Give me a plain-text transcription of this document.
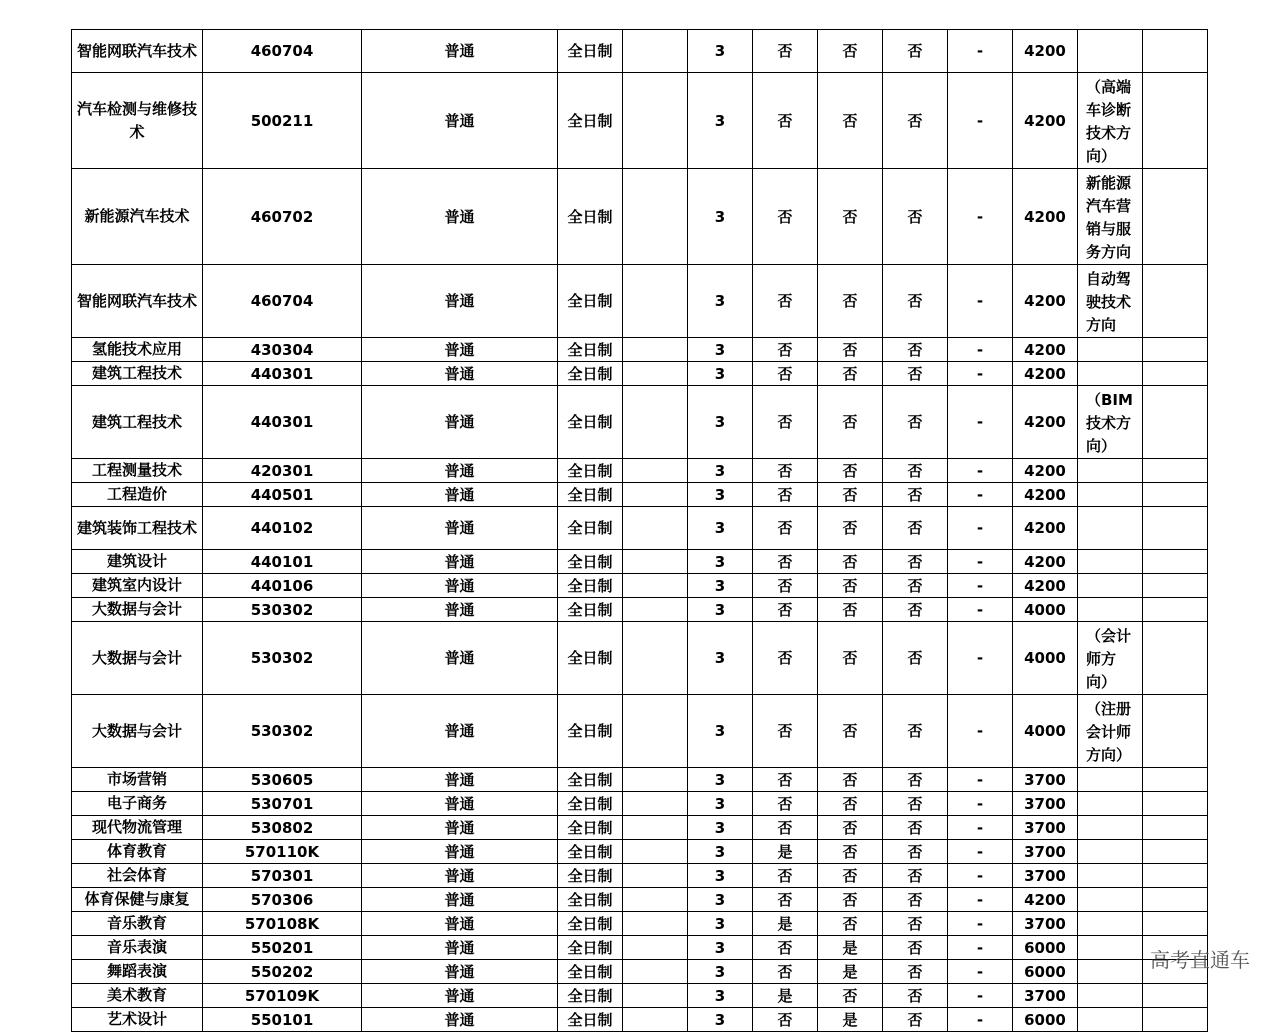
智能网联汽车技术	460704	普通	全日制		3	否	否	否	-	4200		
汽车检测与维修技术	500211	普通	全日制		3	否	否	否	-	4200	（高端车诊断技术方向）	
新能源汽车技术	460702	普通	全日制		3	否	否	否	-	4200	新能源汽车营销与服务方向	
智能网联汽车技术	460704	普通	全日制		3	否	否	否	-	4200	自动驾驶技术方向	
氢能技术应用	430304	普通	全日制		3	否	否	否	-	4200		
建筑工程技术	440301	普通	全日制		3	否	否	否	-	4200		
建筑工程技术	440301	普通	全日制		3	否	否	否	-	4200	（BIM技术方向）	
工程测量技术	420301	普通	全日制		3	否	否	否	-	4200		
工程造价	440501	普通	全日制		3	否	否	否	-	4200		
建筑装饰工程技术	440102	普通	全日制		3	否	否	否	-	4200		
建筑设计	440101	普通	全日制		3	否	否	否	-	4200		
建筑室内设计	440106	普通	全日制		3	否	否	否	-	4200		
大数据与会计	530302	普通	全日制		3	否	否	否	-	4000		
大数据与会计	530302	普通	全日制		3	否	否	否	-	4000	（会计师方向）	
大数据与会计	530302	普通	全日制		3	否	否	否	-	4000	（注册会计师方向）	
市场营销	530605	普通	全日制		3	否	否	否	-	3700		
电子商务	530701	普通	全日制		3	否	否	否	-	3700		
现代物流管理	530802	普通	全日制		3	否	否	否	-	3700		
体育教育	570110K	普通	全日制		3	是	否	否	-	3700		
社会体育	570301	普通	全日制		3	否	否	否	-	3700		
体育保健与康复	570306	普通	全日制		3	否	否	否	-	4200		
音乐教育	570108K	普通	全日制		3	是	否	否	-	3700		
音乐表演	550201	普通	全日制		3	否	是	否	-	6000		
舞蹈表演	550202	普通	全日制		3	否	是	否	-	6000		
美术教育	570109K	普通	全日制		3	是	否	否	-	3700		
艺术设计	550101	普通	全日制		3	否	是	否	-	6000		
高考直通车
